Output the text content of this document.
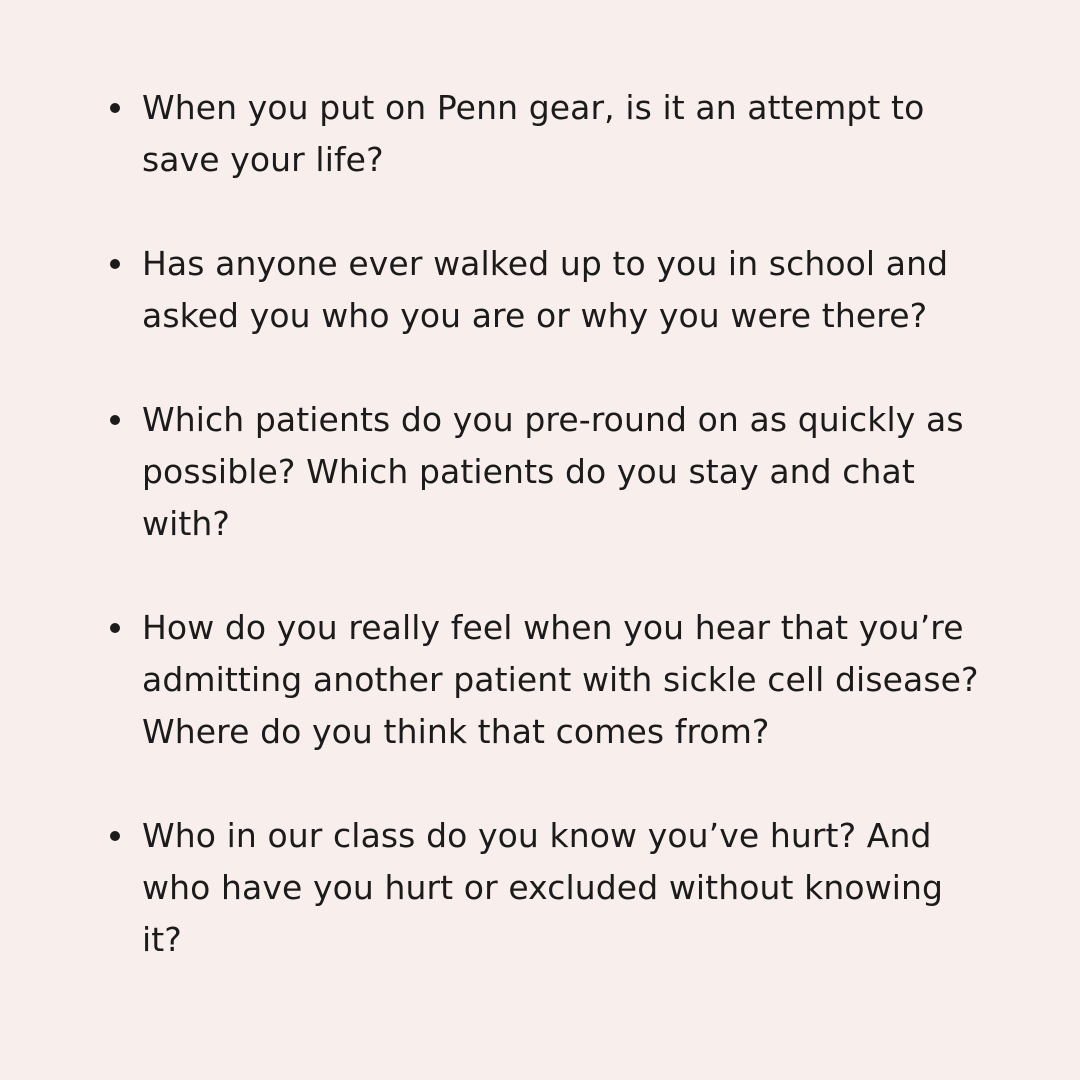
When you put on Penn gear, is it an attempt to save your life?
Has anyone ever walked up to you in school and asked you who you are or why you were there?
Which patients do you pre-round on as quickly as possible? Which patients do you stay and chat with?
How do you really feel when you hear that you’re admitting another patient with sickle cell disease? Where do you think that comes from?
Who in our class do you know you’ve hurt? And who have you hurt or excluded without knowing it?
